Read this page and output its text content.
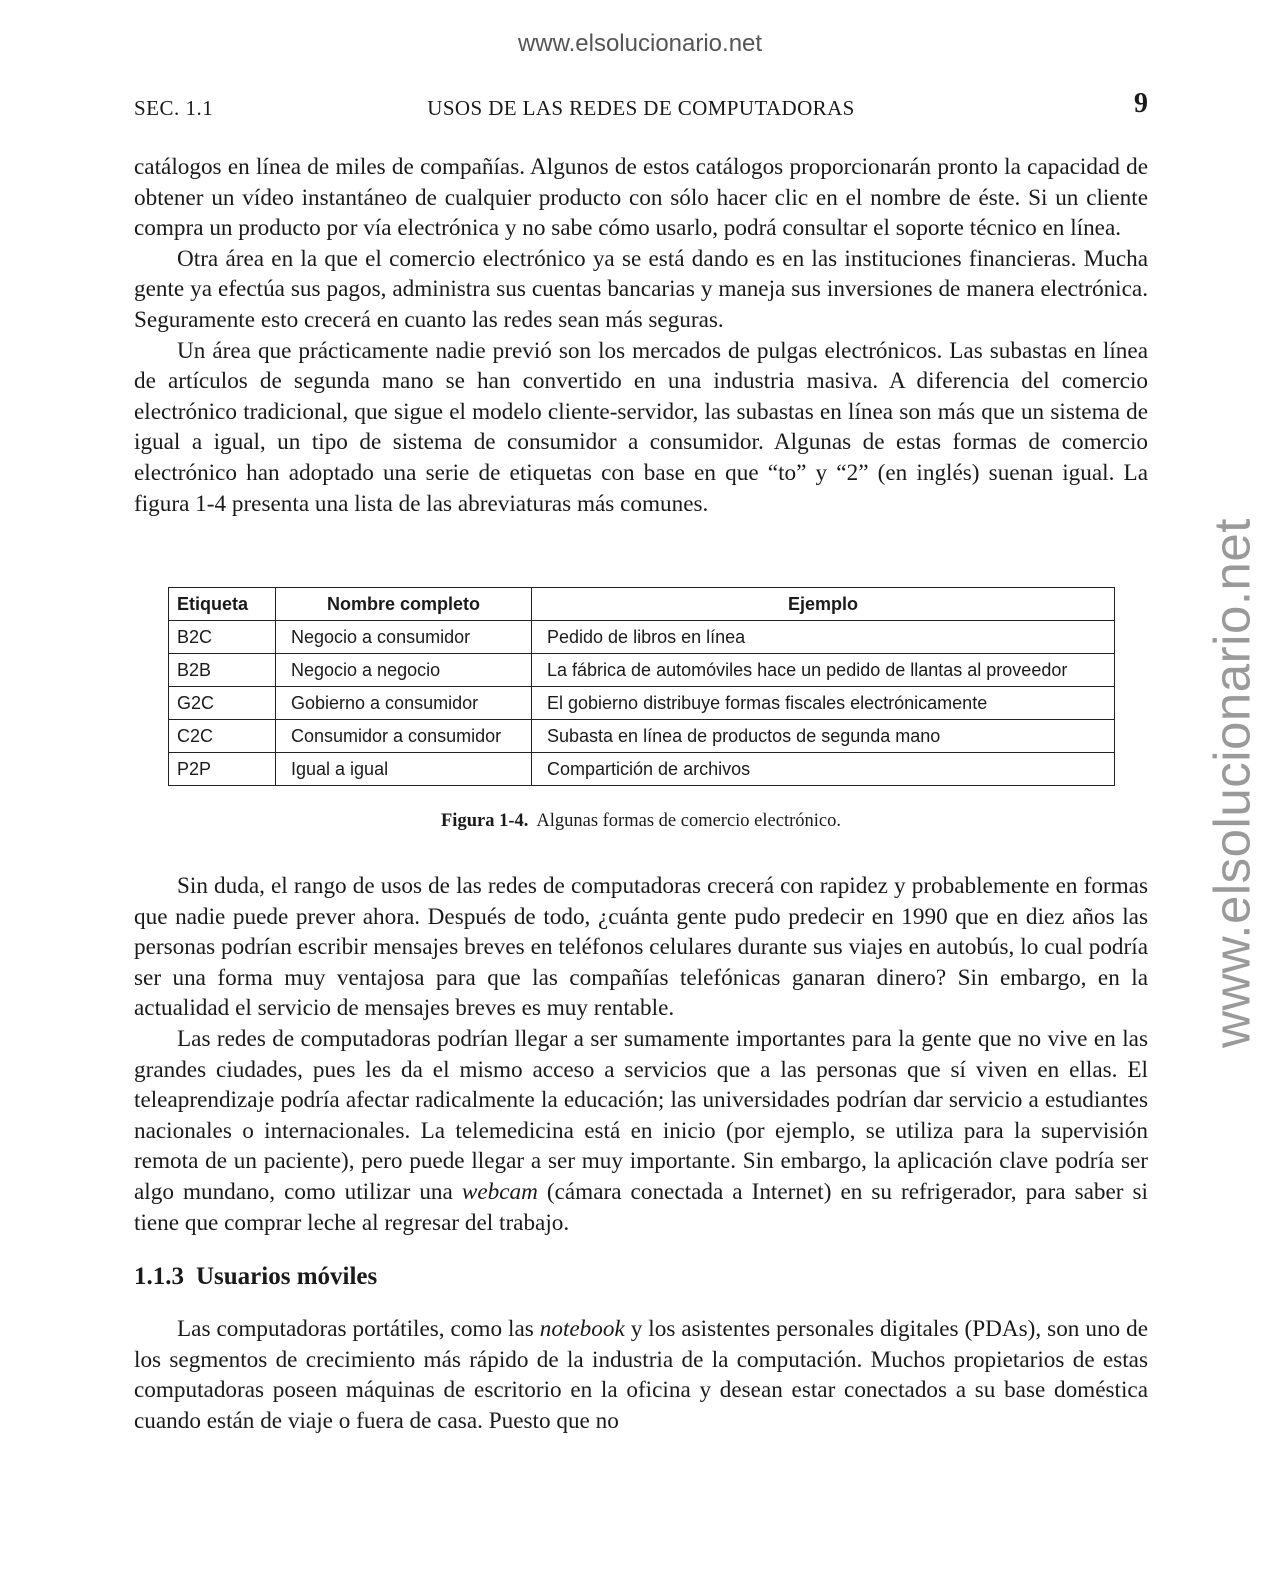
www.elsolucionario.net
www.elsolucionario.net
SEC. 1.1	USOS DE LAS REDES DE COMPUTADORAS	9

catálogos en línea de miles de compañías. Algunos de estos catálogos proporcionarán pronto la capacidad de obtener un vídeo instantáneo de cualquier producto con sólo hacer clic en el nombre de éste. Si un cliente compra un producto por vía electrónica y no sabe cómo usarlo, podrá consultar el soporte técnico en línea.

Otra área en la que el comercio electrónico ya se está dando es en las instituciones financieras. Mucha gente ya efectúa sus pagos, administra sus cuentas bancarias y maneja sus inversiones de manera electrónica. Seguramente esto crecerá en cuanto las redes sean más seguras.

Un área que prácticamente nadie previó son los mercados de pulgas electrónicos. Las subastas en línea de artículos de segunda mano se han convertido en una industria masiva. A diferencia del comercio electrónico tradicional, que sigue el modelo cliente-servidor, las subastas en línea son más que un sistema de igual a igual, un tipo de sistema de consumidor a consumidor. Algunas de estas formas de comercio electrónico han adoptado una serie de etiquetas con base en que “to” y “2” (en inglés) suenan igual. La figura 1-4 presenta una lista de las abreviaturas más comunes.

Etiqueta	Nombre completo	Ejemplo
B2C	Negocio a consumidor	Pedido de libros en línea
B2B	Negocio a negocio	La fábrica de automóviles hace un pedido de llantas al proveedor
G2C	Gobierno a consumidor	El gobierno distribuye formas fiscales electrónicamente
C2C	Consumidor a consumidor	Subasta en línea de productos de segunda mano
P2P	Igual a igual	Compartición de archivos
Figura 1-4. Algunas formas de comercio electrónico.

Sin duda, el rango de usos de las redes de computadoras crecerá con rapidez y probablemente en formas que nadie puede prever ahora. Después de todo, ¿cuánta gente pudo predecir en 1990 que en diez años las personas podrían escribir mensajes breves en teléfonos celulares durante sus viajes en autobús, lo cual podría ser una forma muy ventajosa para que las compañías telefónicas ganaran dinero? Sin embargo, en la actualidad el servicio de mensajes breves es muy rentable.

Las redes de computadoras podrían llegar a ser sumamente importantes para la gente que no vive en las grandes ciudades, pues les da el mismo acceso a servicios que a las personas que sí viven en ellas. El teleaprendizaje podría afectar radicalmente la educación; las universidades podrían dar servicio a estudiantes nacionales o internacionales. La telemedicina está en inicio (por ejemplo, se utiliza para la supervisión remota de un paciente), pero puede llegar a ser muy importante. Sin embargo, la aplicación clave podría ser algo mundano, como utilizar una webcam (cámara conectada a Internet) en su refrigerador, para saber si tiene que comprar leche al regresar del trabajo.

1.1.3 Usuarios móviles

Las computadoras portátiles, como las notebook y los asistentes personales digitales (PDAs), son uno de los segmentos de crecimiento más rápido de la industria de la computación. Muchos propietarios de estas computadoras poseen máquinas de escritorio en la oficina y desean estar conectados a su base doméstica cuando están de viaje o fuera de casa. Puesto que no
